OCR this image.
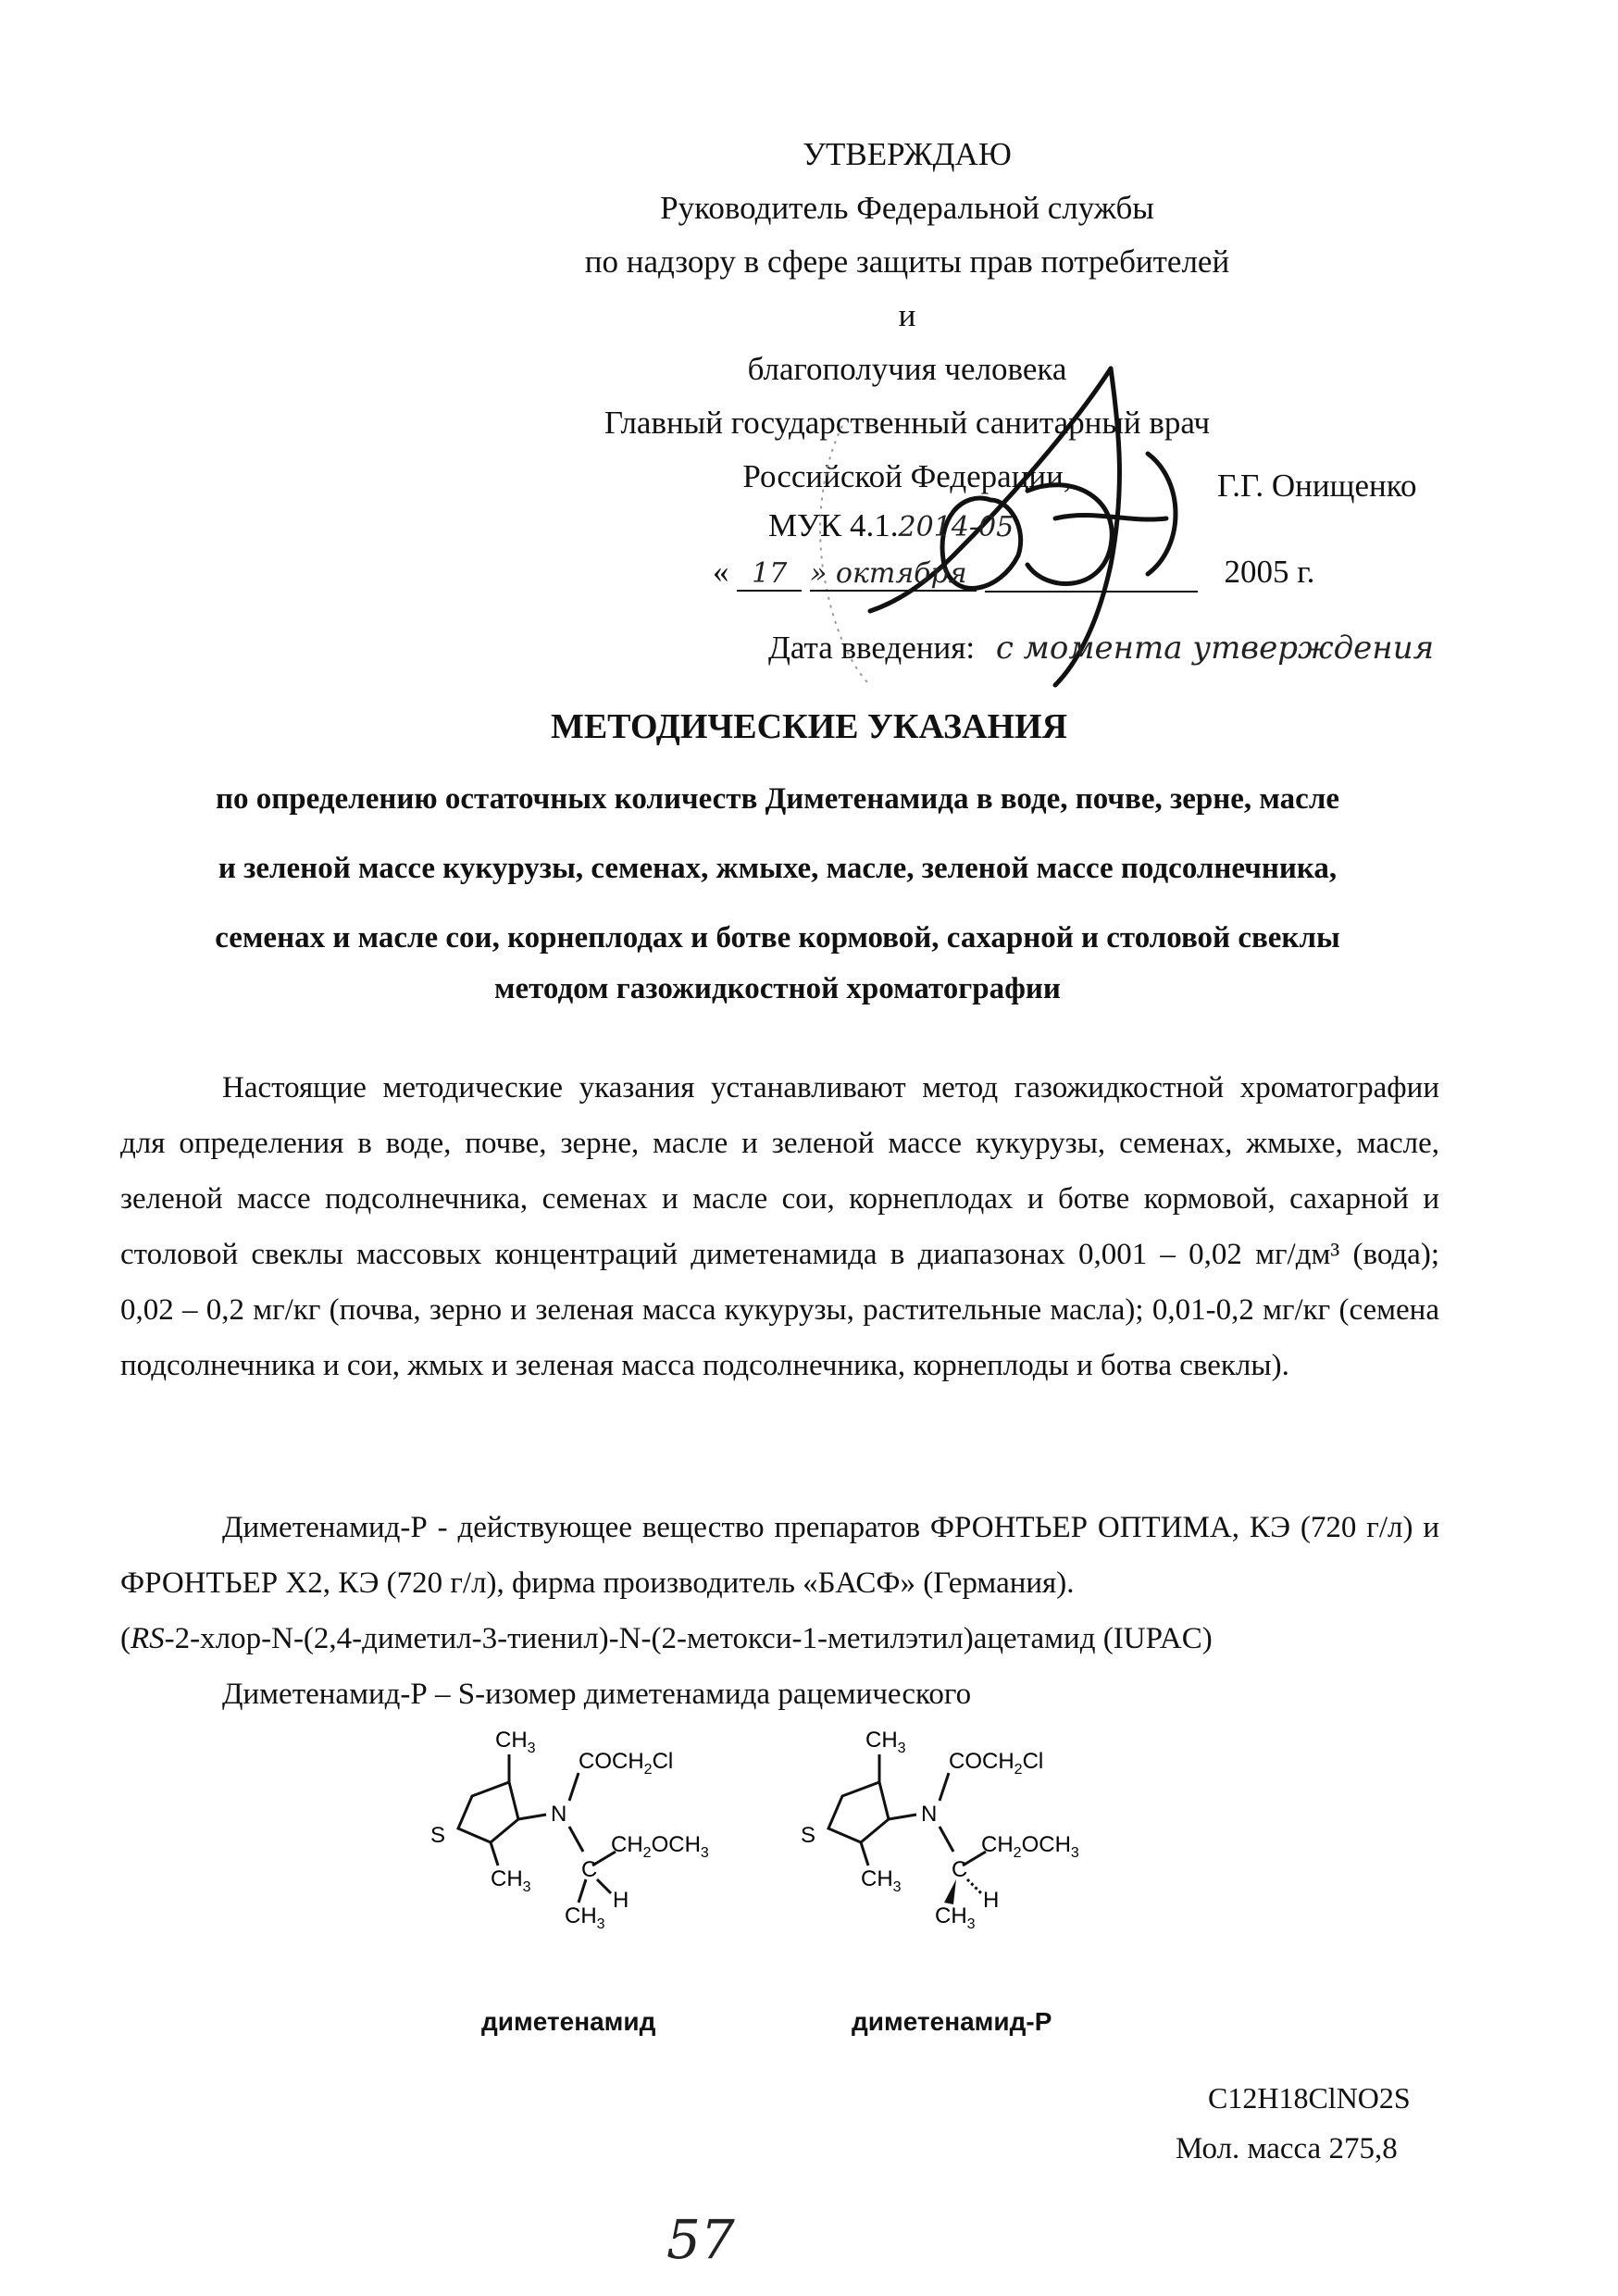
УТВЕРЖДАЮ
Руководитель Федеральной службы
по надзору в сфере защиты прав потребителей и
благополучия человека
Главный государственный санитарный врач
Российской Федерации,	Г.Г. Онищенко
МУК 4.1.2014-05
« 17 » октября	2005 г.
Дата введения: с момента утверждения
МЕТОДИЧЕСКИЕ УКАЗАНИЯ
по определению остаточных количеств Диметенамида в воде, почве, зерне, масле
и зеленой массе кукурузы, семенах, жмыхе, масле, зеленой массе подсолнечника,
семенах и масле сои, корнеплодах и ботве кормовой, сахарной и столовой свеклы
методом газожидкостной хроматографии
Настоящие методические указания устанавливают метод газожидкостной хроматографии для определения в воде, почве, зерне, масле и зеленой массе кукурузы, семенах, жмыхе, масле, зеленой массе подсолнечника, семенах и масле сои, корнеплодах и ботве кормовой, сахарной и столовой свеклы массовых концентраций диметенамида в диапазонах 0,001 – 0,02 мг/дм³ (вода); 0,02 – 0,2 мг/кг (почва, зерно и зеленая масса кукурузы, растительные масла); 0,01-0,2 мг/кг (семена подсолнечника и сои, жмых и зеленая масса подсолнечника, корнеплоды и ботва свеклы).
Диметенамид-Р - действующее вещество препаратов ФРОНТЬЕР ОПТИМА, КЭ (720 г/л) и ФРОНТЬЕР Х2, КЭ (720 г/л), фирма производитель «БАСФ» (Германия).
(RS-2-хлор-N-(2,4-диметил-3-тиенил)-N-(2-метокси-1-метилэтил)ацетамид (IUPAC)
Диметенамид-Р – S-изомер диметенамида рацемического
$CH_3$
$COCH_2Cl$
N
S	$CH_2OCH_3$
C
$CH_3$
$CH_3$
H
$CH_3$
$COCH_2Cl$
N
S	$CH_2OCH_3$
C
$CH_3$
$CH_3$
H
диметенамид	диметенамид-Р
C12H18ClNO2S
Мол. масса 275,8
57
